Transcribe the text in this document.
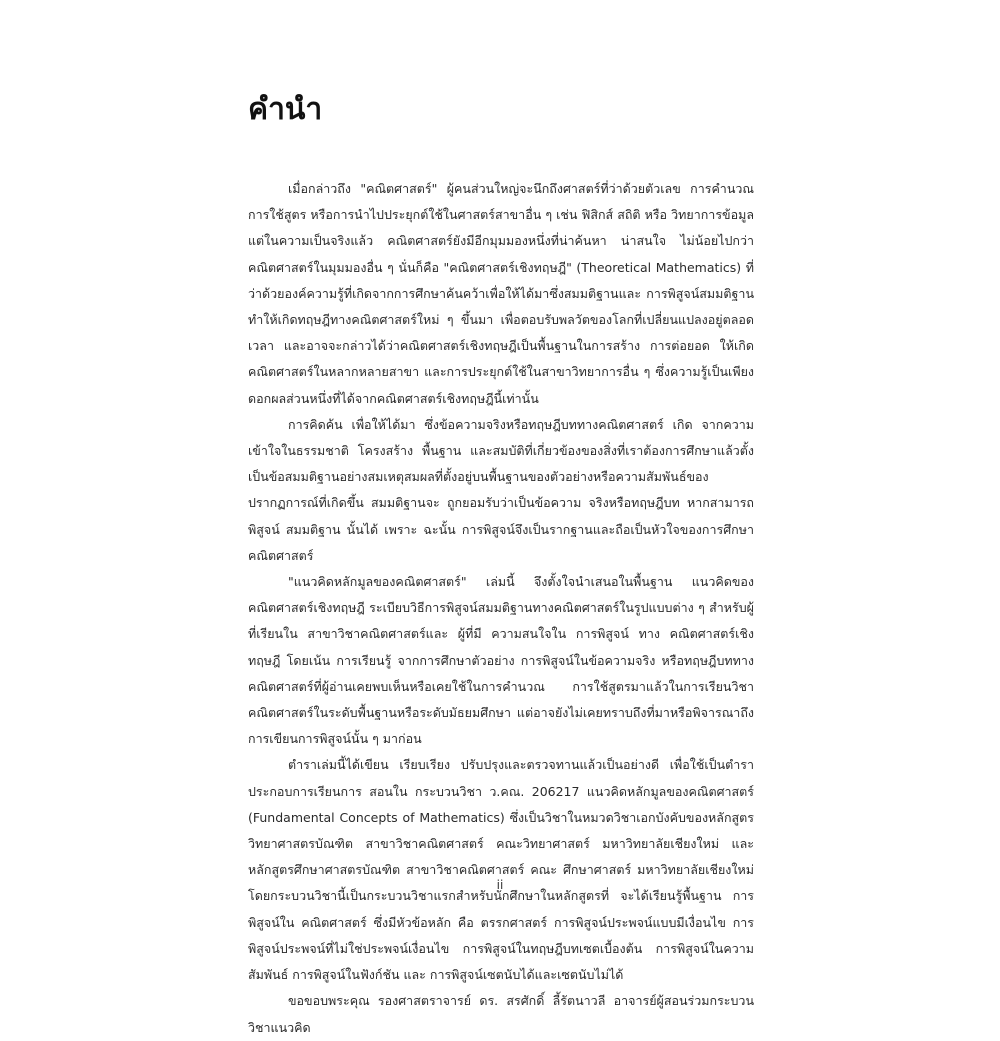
คำนำ

เมื่อกล่าวถึง "คณิตศาสตร์" ผู้คนส่วนใหญ่จะนึกถึงศาสตร์ที่ว่าด้วยตัวเลข การคำนวณ การใช้สูตร หรือการนำไปประยุกต์ใช้ในศาสตร์สาขาอื่น ๆ เช่น ฟิสิกส์ สถิติ หรือ วิทยาการข้อมูล แต่ในความเป็นจริงแล้ว คณิตศาสตร์ยังมีอีกมุมมองหนึ่งที่น่าค้นหา น่าสนใจ ไม่น้อยไปกว่าคณิตศาสตร์ในมุมมองอื่น ๆ นั่นก็คือ "คณิตศาสตร์เชิงทฤษฎี" (Theoretical Mathematics) ที่ว่าด้วยองค์ความรู้ที่เกิดจากการศึกษาค้นคว้าเพื่อให้ได้มาซึ่งสมมติฐานและ การพิสูจน์สมมติฐาน ทำให้เกิดทฤษฎีทางคณิตศาสตร์ใหม่ ๆ ขึ้นมา เพื่อตอบรับพลวัตของโลกที่เปลี่ยนแปลงอยู่ตลอดเวลา และอาจจะกล่าวได้ว่าคณิตศาสตร์เชิงทฤษฎีเป็นพื้นฐานในการสร้าง การต่อยอด ให้เกิดคณิตศาสตร์ในหลากหลายสาขา และการประยุกต์ใช้ในสาขาวิทยาการอื่น ๆ ซึ่งความรู้เป็นเพียงดอกผลส่วนหนึ่งที่ได้จากคณิตศาสตร์เชิงทฤษฎีนี้เท่านั้น

การคิดค้น เพื่อให้ได้มา ซึ่งข้อความจริงหรือทฤษฎีบททางคณิตศาสตร์ เกิด จากความเข้าใจในธรรมชาติ โครงสร้าง พื้นฐาน และสมบัติที่เกี่ยวข้องของสิ่งที่เราต้องการศึกษาแล้วตั้งเป็นข้อสมมติฐานอย่างสมเหตุสมผลที่ตั้งอยู่บนพื้นฐานของตัวอย่างหรือความสัมพันธ์ของปรากฏการณ์ที่เกิดขึ้น สมมติฐานจะ ถูกยอมรับว่าเป็นข้อความ จริงหรือทฤษฎีบท หากสามารถพิสูจน์ สมมติฐาน นั้นได้ เพราะ ฉะนั้น การพิสูจน์จึงเป็นรากฐานและถือเป็นหัวใจของการศึกษาคณิตศาสตร์

"แนวคิดหลักมูลของคณิตศาสตร์" เล่มนี้ จึงตั้งใจนำเสนอในพื้นฐาน แนวคิดของคณิตศาสตร์เชิงทฤษฎี ระเบียบวิธีการพิสูจน์สมมติฐานทางคณิตศาสตร์ในรูปแบบต่าง ๆ สำหรับผู้ที่เรียนใน สาขาวิชาคณิตศาสตร์และ ผู้ที่มี ความสนใจใน การพิสูจน์ ทาง คณิตศาสตร์เชิง ทฤษฎี โดยเน้น การเรียนรู้ จากการศึกษาตัวอย่าง การพิสูจน์ในข้อความจริง หรือทฤษฎีบททางคณิตศาสตร์ที่ผู้อ่านเคยพบเห็นหรือเคยใช้ในการคำนวณ การใช้สูตรมาแล้วในการเรียนวิชาคณิตศาสตร์ในระดับพื้นฐานหรือระดับมัธยมศึกษา แต่อาจยังไม่เคยทราบถึงที่มาหรือพิจารณาถึงการเขียนการพิสูจน์นั้น ๆ มาก่อน

ตำราเล่มนี้ได้เขียน เรียบเรียง ปรับปรุงและตรวจทานแล้วเป็นอย่างดี เพื่อใช้เป็นตำราประกอบการเรียนการ สอนใน กระบวนวิชา ว.คณ. 206217 แนวคิดหลักมูลของคณิตศาสตร์ (Fundamental Concepts of Mathematics) ซึ่งเป็นวิชาในหมวดวิชาเอกบังคับของหลักสูตรวิทยาศาสตรบัณฑิต สาขาวิชาคณิตศาสตร์ คณะวิทยาศาสตร์ มหาวิทยาลัยเชียงใหม่ และ หลักสูตรศึกษาศาสตรบัณฑิต สาขาวิชาคณิตศาสตร์ คณะ ศึกษาศาสตร์ มหาวิทยาลัยเชียงใหม่ โดยกระบวนวิชานี้เป็นกระบวนวิชาแรกสำหรับนักศึกษาในหลักสูตรที่ จะได้เรียนรู้พื้นฐาน การพิสูจน์ใน คณิตศาสตร์ ซึ่งมีหัวข้อหลัก คือ ตรรกศาสตร์ การพิสูจน์ประพจน์แบบมีเงื่อนไข การพิสูจน์ประพจน์ที่ไม่ใช่ประพจน์เงื่อนไข การพิสูจน์ในทฤษฎีบทเซตเบื้องต้น การพิสูจน์ในความสัมพันธ์ การพิสูจน์ในฟังก์ชัน และ การพิสูจน์เซตนับได้และเซตนับไม่ได้

ขอขอบพระคุณ รองศาสตราจารย์ ดร. สรศักดิ์ ลี้รัตนาวลี อาจารย์ผู้สอนร่วมกระบวนวิชาแนวคิด

ii
